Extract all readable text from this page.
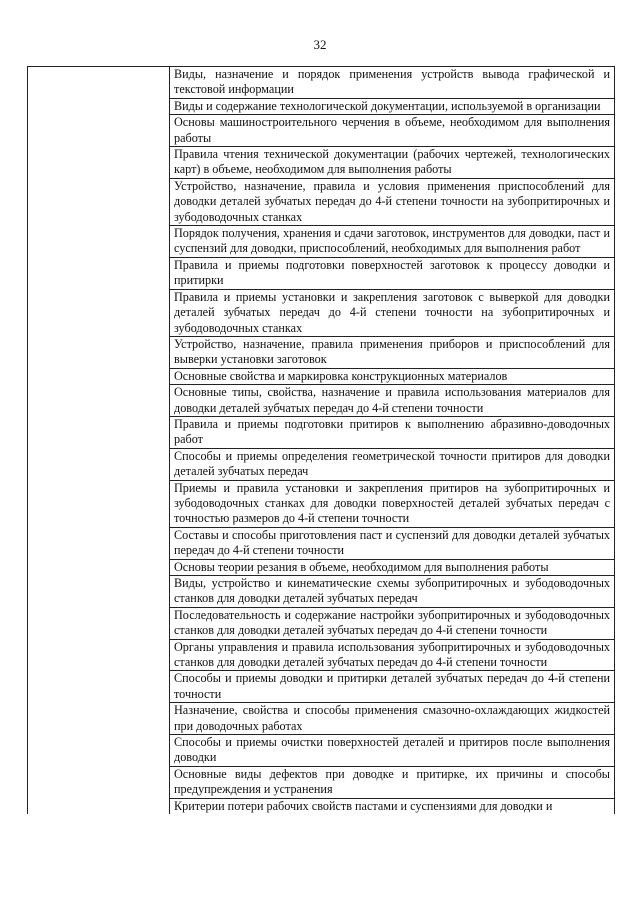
32
	Виды, назначение и порядок применения устройств вывода графической и текстовой информации
Виды и содержание технологической документации, используемой в организации
Основы машиностроительного черчения в объеме, необходимом для выполнения работы
Правила чтения технической документации (рабочих чертежей, технологических карт) в объеме, необходимом для выполнения работы
Устройство, назначение, правила и условия применения приспособлений для доводки деталей зубчатых передач до 4-й степени точности на зубопритирочных и зубодоводочных станках
Порядок получения, хранения и сдачи заготовок, инструментов для доводки, паст и суспензий для доводки, приспособлений, необходимых для выполнения работ
Правила и приемы подготовки поверхностей заготовок к процессу доводки и притирки
Правила и приемы установки и закрепления заготовок с выверкой для доводки деталей зубчатых передач до 4-й степени точности на зубопритирочных и зубодоводочных станках
Устройство, назначение, правила применения приборов и приспособлений для выверки установки заготовок
Основные свойства и маркировка конструкционных материалов
Основные типы, свойства, назначение и правила использования материалов для доводки деталей зубчатых передач до 4-й степени точности
Правила и приемы подготовки притиров к выполнению абразивно-доводочных работ
Способы и приемы определения геометрической точности притиров для доводки деталей зубчатых передач
Приемы и правила установки и закрепления притиров на зубопритирочных и зубодоводочных станках для доводки поверхностей деталей зубчатых передач с точностью размеров до 4-й степени точности
Составы и способы приготовления паст и суспензий для доводки деталей зубчатых передач до 4-й степени точности
Основы теории резания в объеме, необходимом для выполнения работы
Виды, устройство и кинематические схемы зубопритирочных и зубодоводочных станков для доводки деталей зубчатых передач
Последовательность и содержание настройки зубопритирочных и зубодоводочных станков для доводки деталей зубчатых передач до 4-й степени точности
Органы управления и правила использования зубопритирочных и зубодоводочных станков для доводки деталей зубчатых передач до 4-й степени точности
Способы и приемы доводки и притирки деталей зубчатых передач до 4-й степени точности
Назначение, свойства и способы применения смазочно-охлаждающих жидкостей при доводочных работах
Способы и приемы очистки поверхностей деталей и притиров после выполнения доводки
Основные виды дефектов при доводке и притирке, их причины и способы предупреждения и устранения

Критерии потери рабочих свойств пастами и суспензиями для доводки и
